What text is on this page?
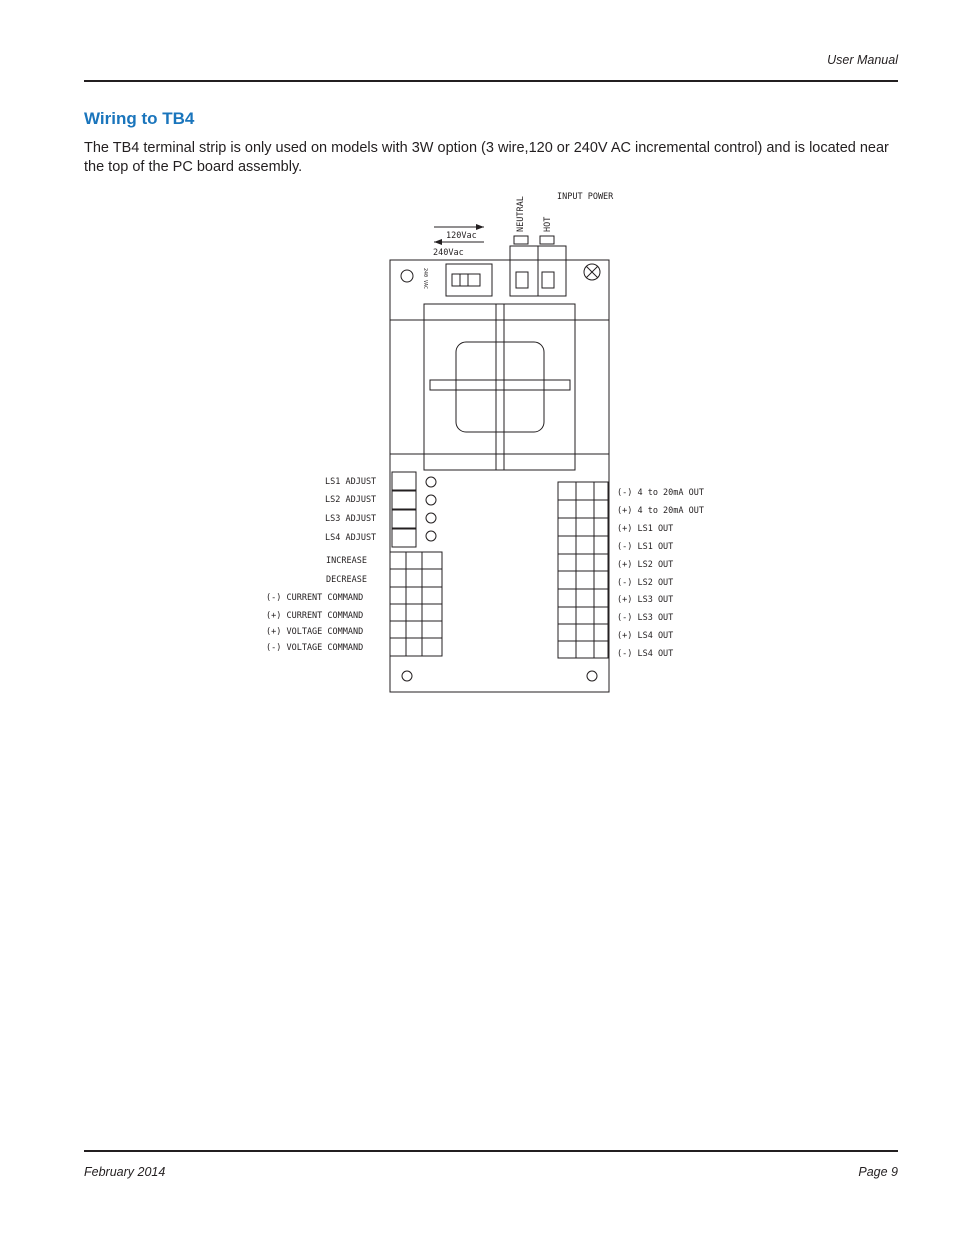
User Manual
Wiring to TB4
The TB4 terminal strip is only used on models with 3W option (3 wire,120 or 240V AC incremental control) and is located near the top of the PC board assembly.
240 VAC
120Vac
240Vac
NEUTRAL HOT
INPUT POWER
LS1 ADJUST
LS2 ADJUST
LS3 ADJUST
LS4 ADJUST
INCREASE
DECREASE
(-) CURRENT COMMAND
(+) CURRENT COMMAND
(+) VOLTAGE COMMAND
(-) VOLTAGE COMMAND
(-) 4 to 20mA OUT
(+) 4 to 20mA OUT
(+) LS1 OUT
(-) LS1 OUT
(+) LS2 OUT
(-) LS2 OUT
(+) LS3 OUT
(-) LS3 OUT
(+) LS4 OUT
(-) LS4 OUT
February 2014	Page 9
